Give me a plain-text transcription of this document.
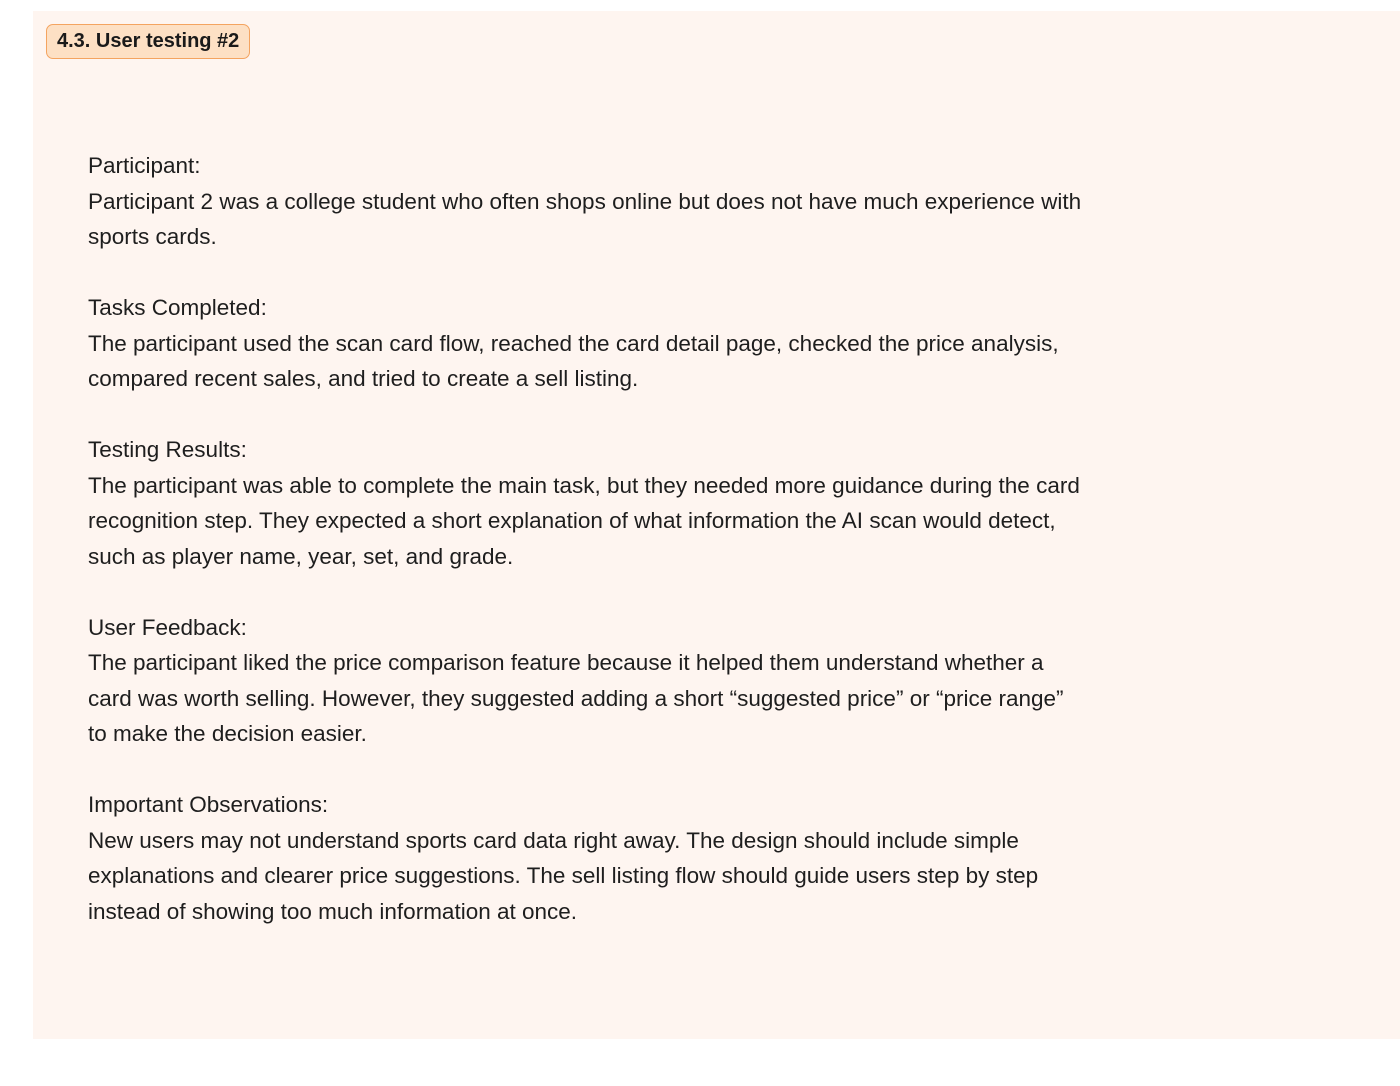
4.3. User testing #2

Participant:

Participant 2 was a college student who often shops online but does not have much experience with sports cards.

Tasks Completed:

The participant used the scan card flow, reached the card detail page, checked the price analysis, compared recent sales, and tried to create a sell listing.

Testing Results:

The participant was able to complete the main task, but they needed more guidance during the card recognition step. They expected a short explanation of what information the AI scan would detect, such as player name, year, set, and grade.

User Feedback:

The participant liked the price comparison feature because it helped them understand whether a card was worth selling. However, they suggested adding a short “suggested price” or “price range” to make the decision easier.

Important Observations:

New users may not understand sports card data right away. The design should include simple explanations and clearer price suggestions. The sell listing flow should guide users step by step instead of showing too much information at once.
